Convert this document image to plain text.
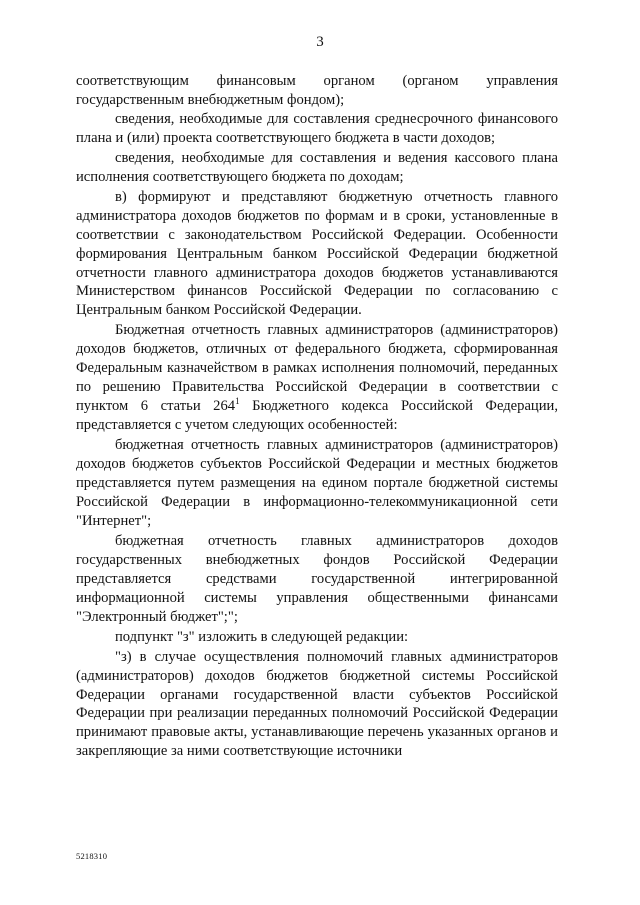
3

соответствующим финансовым органом (органом управления государственным внебюджетным фондом);

сведения, необходимые для составления среднесрочного финансового плана и (или) проекта соответствующего бюджета в части доходов;

сведения, необходимые для составления и ведения кассового плана исполнения соответствующего бюджета по доходам;

в) формируют и представляют бюджетную отчетность главного администратора доходов бюджетов по формам и в сроки, установленные в соответствии с законодательством Российской Федерации. Особенности формирования Центральным банком Российской Федерации бюджетной отчетности главного администратора доходов бюджетов устанавливаются Министерством финансов Российской Федерации по согласованию с Центральным банком Российской Федерации.

Бюджетная отчетность главных администраторов (администраторов) доходов бюджетов, отличных от федерального бюджета, сформированная Федеральным казначейством в рамках исполнения полномочий, переданных по решению Правительства Российской Федерации в соответствии с пунктом 6 статьи $264^1$ Бюджетного кодекса Российской Федерации, представляется с учетом следующих особенностей:

бюджетная отчетность главных администраторов (администраторов) доходов бюджетов субъектов Российской Федерации и местных бюджетов представляется путем размещения на едином портале бюджетной системы Российской Федерации в информационно-телекоммуникационной сети "Интернет";

бюджетная отчетность главных администраторов доходов государственных внебюджетных фондов Российской Федерации представляется средствами государственной интегрированной информационной системы управления общественными финансами "Электронный бюджет";";

подпункт "з" изложить в следующей редакции:

"з) в случае осуществления полномочий главных администраторов (администраторов) доходов бюджетов бюджетной системы Российской Федерации органами государственной власти субъектов Российской Федерации при реализации переданных полномочий Российской Федерации принимают правовые акты, устанавливающие перечень указанных органов и закрепляющие за ними соответствующие источники

5218310
